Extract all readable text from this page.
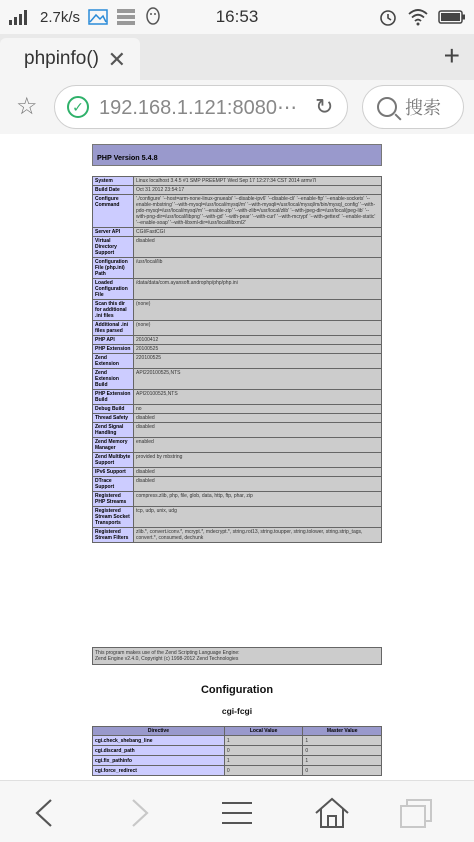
2.7k/s	16:53
phpinfo() ✕	+
☆	✓ 192.168.1.121:8080⋯ ↻	搜索
PHP Version 5.4.8
System	Linux localhost 3.4.5 #1 SMP PREEMPT Wed Sep 17 12:27:34 CST 2014 armv7l
Build Date	Oct 31 2012 23:54:17
Configure Command	'./configure' '--host=arm-none-linux-gnueabi' '--disable-ipv6' '--disable-cli' '--enable-ftp' '--enable-sockets' '--enable-mbstring' '--with-mysql=/usr/local/mysql/m' '--with-mysqli=/usr/local/mysql/m/bin/mysql_config' '--with-pdo-mysql=/usr/local/mysql/m' '--enable-zip' '--with-zlib=/usr/local/zlib' '--with-jpeg-dir=/usr/local/jpeg-lib' '--with-png-dir=/usr/local/libpng' '--with-gd' '--with-pear' '--with-curl' '--with-mcrypt' '--with-gettext' '--enable-static' '--enable-soap' '--with-libxml-dir=/usr/local/libxml2'
Server API	CGI/FastCGI
Virtual Directory Support	disabled
Configuration File (php.ini) Path	/usr/local/lib
Loaded Configuration File	/data/data/com.ayansoft.androphp/php/php.ini
Scan this dir for additional .ini files	(none)
Additional .ini files parsed	(none)
PHP API	20100412
PHP Extension	20100525
Zend Extension	220100525
Zend Extension Build	API220100525,NTS
PHP Extension Build	API20100525,NTS
Debug Build	no
Thread Safety	disabled
Zend Signal Handling	disabled
Zend Memory Manager	enabled
Zend Multibyte Support	provided by mbstring
IPv6 Support	disabled
DTrace Support	disabled
Registered PHP Streams	compress.zlib, php, file, glob, data, http, ftp, phar, zip
Registered Stream Socket Transports	tcp, udp, unix, udg
Registered Stream Filters	zlib.*, convert.iconv.*, mcrypt.*, mdecrypt.*, string.rot13, string.toupper, string.tolower, string.strip_tags, convert.*, consumed, dechunk
This program makes use of the Zend Scripting Language Engine:
Zend Engine v2.4.0, Copyright (c) 1998-2012 Zend Technologies
Configuration
cgi-fcgi
Directive	Local Value	Master Value
cgi.check_shebang_line	1	1
cgi.discard_path	0	0
cgi.fix_pathinfo	1	1
cgi.force_redirect	0	0
